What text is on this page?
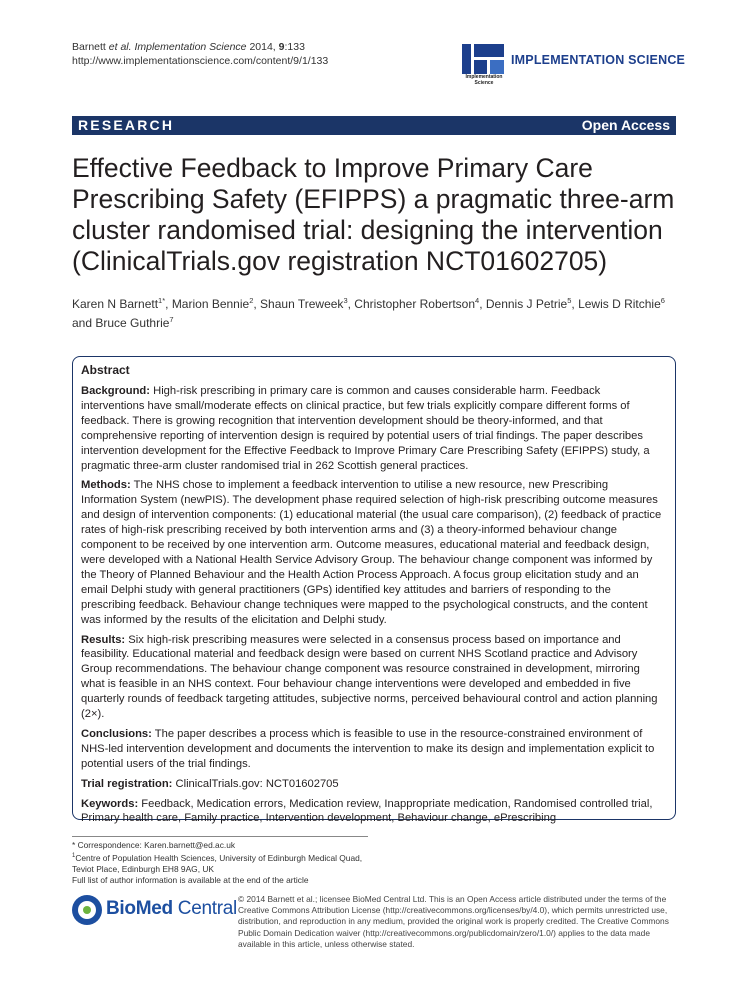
Barnett et al. Implementation Science 2014, 9:133
http://www.implementationscience.com/content/9/1/133
Implementation
Science
IMPLEMENTATION SCIENCE
RESEARCH	Open Access
Effective Feedback to Improve Primary Care Prescribing Safety (EFIPPS) a pragmatic three-arm cluster randomised trial: designing the intervention (ClinicalTrials.gov registration NCT01602705)
Karen N Barnett$^{1*}$, Marion Bennie$^2$, Shaun Treweek$^3$, Christopher Robertson$^4$, Dennis J Petrie$^5$, Lewis D Ritchie$^6$
and Bruce Guthrie$^7$
Abstract

Background: High-risk prescribing in primary care is common and causes considerable harm. Feedback interventions have small/moderate effects on clinical practice, but few trials explicitly compare different forms of feedback. There is growing recognition that intervention development should be theory-informed, and that comprehensive reporting of intervention design is required by potential users of trial findings. The paper describes intervention development for the Effective Feedback to Improve Primary Care Prescribing Safety (EFIPPS) study, a pragmatic three-arm cluster randomised trial in 262 Scottish general practices.

Methods: The NHS chose to implement a feedback intervention to utilise a new resource, new Prescribing Information System (newPIS). The development phase required selection of high-risk prescribing outcome measures and design of intervention components: (1) educational material (the usual care comparison), (2) feedback of practice rates of high-risk prescribing received by both intervention arms and (3) a theory-informed behaviour change component to be received by one intervention arm. Outcome measures, educational material and feedback design, were developed with a National Health Service Advisory Group. The behaviour change component was informed by the Theory of Planned Behaviour and the Health Action Process Approach. A focus group elicitation study and an email Delphi study with general practitioners (GPs) identified key attitudes and barriers of responding to the prescribing feedback. Behaviour change techniques were mapped to the psychological constructs, and the content was informed by the results of the elicitation and Delphi study.

Results: Six high-risk prescribing measures were selected in a consensus process based on importance and feasibility. Educational material and feedback design were based on current NHS Scotland practice and Advisory Group recommendations. The behaviour change component was resource constrained in development, mirroring what is feasible in an NHS context. Four behaviour change interventions were developed and embedded in five quarterly rounds of feedback targeting attitudes, subjective norms, perceived behavioural control and action planning (2×).

Conclusions: The paper describes a process which is feasible to use in the resource-constrained environment of NHS-led intervention development and documents the intervention to make its design and implementation explicit to potential users of the trial findings.

Trial registration: ClinicalTrials.gov: NCT01602705

Keywords: Feedback, Medication errors, Medication review, Inappropriate medication, Randomised controlled trial, Primary health care, Family practice, Intervention development, Behaviour change, ePrescribing

* Correspondence: Karen.barnett@ed.ac.uk
$^1$Centre of Population Health Sciences, University of Edinburgh Medical Quad, Teviot Place, Edinburgh EH8 9AG, UK
Full list of author information is available at the end of the article
BioMed Central © 2014 Barnett et al.; licensee BioMed Central Ltd. This is an Open Access article distributed under the terms of the Creative Commons Attribution License (http://creativecommons.org/licenses/by/4.0), which permits unrestricted use, distribution, and reproduction in any medium, provided the original work is properly credited. The Creative Commons Public Domain Dedication waiver (http://creativecommons.org/publicdomain/zero/1.0/) applies to the data made available in this article, unless otherwise stated.
